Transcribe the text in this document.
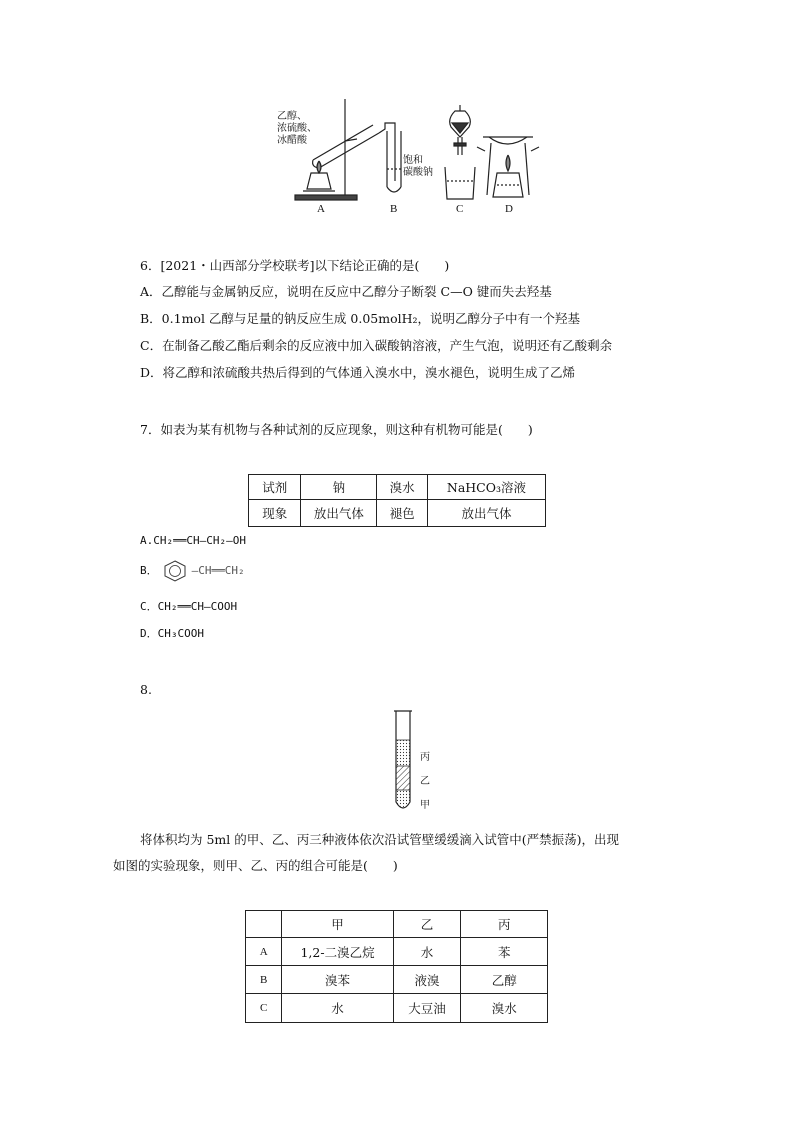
乙醇、
浓硫酸、
冰醋酸
饱和
碳酸钠
A	B	C	D
6．[2021・山西部分学校联考]以下结论正确的是(　　)
A．乙醇能与金属钠反应，说明在反应中乙醇分子断裂 C—O 键而失去羟基
B．0.1mol 乙醇与足量的钠反应生成 0.05molH₂，说明乙醇分子中有一个羟基
C．在制备乙酸乙酯后剩余的反应液中加入碳酸钠溶液，产生气泡，说明还有乙酸剩余
D．将乙醇和浓硫酸共热后得到的气体通入溴水中，溴水褪色，说明生成了乙烯
7．如表为某有机物与各种试剂的反应现象，则这种有机物可能是(　　)
试剂	钠	溴水	NaHCO₃溶液
现象	放出气体	褪色	放出气体
A.CH₂══CH—CH₂—OH
B．	—CH══CH₂
C．CH₂══CH—COOH
D．CH₃COOH
8.
丙
乙
甲
将体积均为 5ml 的甲、乙、丙三种液体依次沿试管壁缓缓滴入试管中(严禁振荡)，出现
如图的实验现象，则甲、乙、丙的组合可能是(　　)
	甲	乙	丙
A	1,2-二溴乙烷	水	苯
B	溴苯	液溴	乙醇
C	水	大豆油	溴水
